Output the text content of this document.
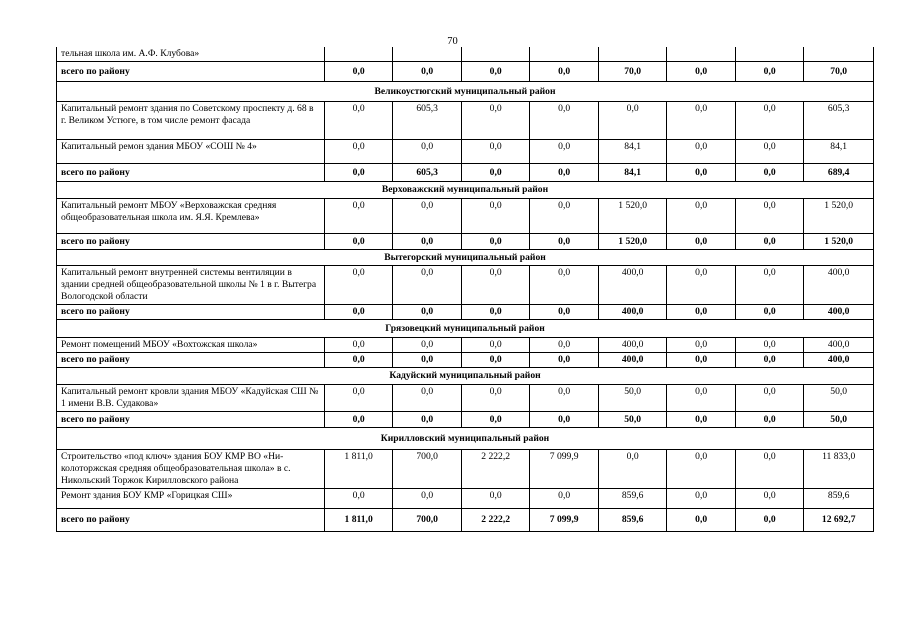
70
тельная школа им. А.Ф. Клубова»								
всего по району	0,0	0,0	0,0	0,0	70,0	0,0	0,0	70,0
Великоустюгский муниципальный район								
Капитальный ремонт здания по Советскому проспекту д. 68 в г. Великом Устюге, в том числе ремонт фасада	0,0	605,3	0,0	0,0	0,0	0,0	0,0	605,3
Капитальный ремон здания МБОУ «СОШ № 4»	0,0	0,0	0,0	0,0	84,1	0,0	0,0	84,1
всего по району	0,0	605,3	0,0	0,0	84,1	0,0	0,0	689,4
Верховажский муниципальный район								
Капитальный ремонт МБОУ «Верховажская средняя общеобразовательная школа им. Я.Я. Кремлева»	0,0	0,0	0,0	0,0	1 520,0	0,0	0,0	1 520,0
всего по району	0,0	0,0	0,0	0,0	1 520,0	0,0	0,0	1 520,0
Вытегорский муниципальный район								
Капитальный ремонт внутренней системы вентиляции в здании средней общеобразовательной школы № 1 в г. Вытегра Вологодской области	0,0	0,0	0,0	0,0	400,0	0,0	0,0	400,0
всего по району	0,0	0,0	0,0	0,0	400,0	0,0	0,0	400,0
Грязовецкий муниципальный район								
Ремонт помещений МБОУ «Вохтожская школа»	0,0	0,0	0,0	0,0	400,0	0,0	0,0	400,0
всего по району	0,0	0,0	0,0	0,0	400,0	0,0	0,0	400,0
Кадуйский муниципальный район								
Капитальный ремонт кровли здания МБОУ «Кадуйская СШ № 1 имени В.В. Судакова»	0,0	0,0	0,0	0,0	50,0	0,0	0,0	50,0
всего по району	0,0	0,0	0,0	0,0	50,0	0,0	0,0	50,0
Кирилловский муниципальный район								
Строительство «под ключ» здания БОУ КМР ВО «Ни-колоторжская средняя общеобразовательная школа» в с. Никольский Торжок Кирилловского района	1 811,0	700,0	2 222,2	7 099,9	0,0	0,0	0,0	11 833,0
Ремонт здания БОУ КМР «Горицкая СШ»	0,0	0,0	0,0	0,0	859,6	0,0	0,0	859,6
всего по району	1 811,0	700,0	2 222,2	7 099,9	859,6	0,0	0,0	12 692,7
